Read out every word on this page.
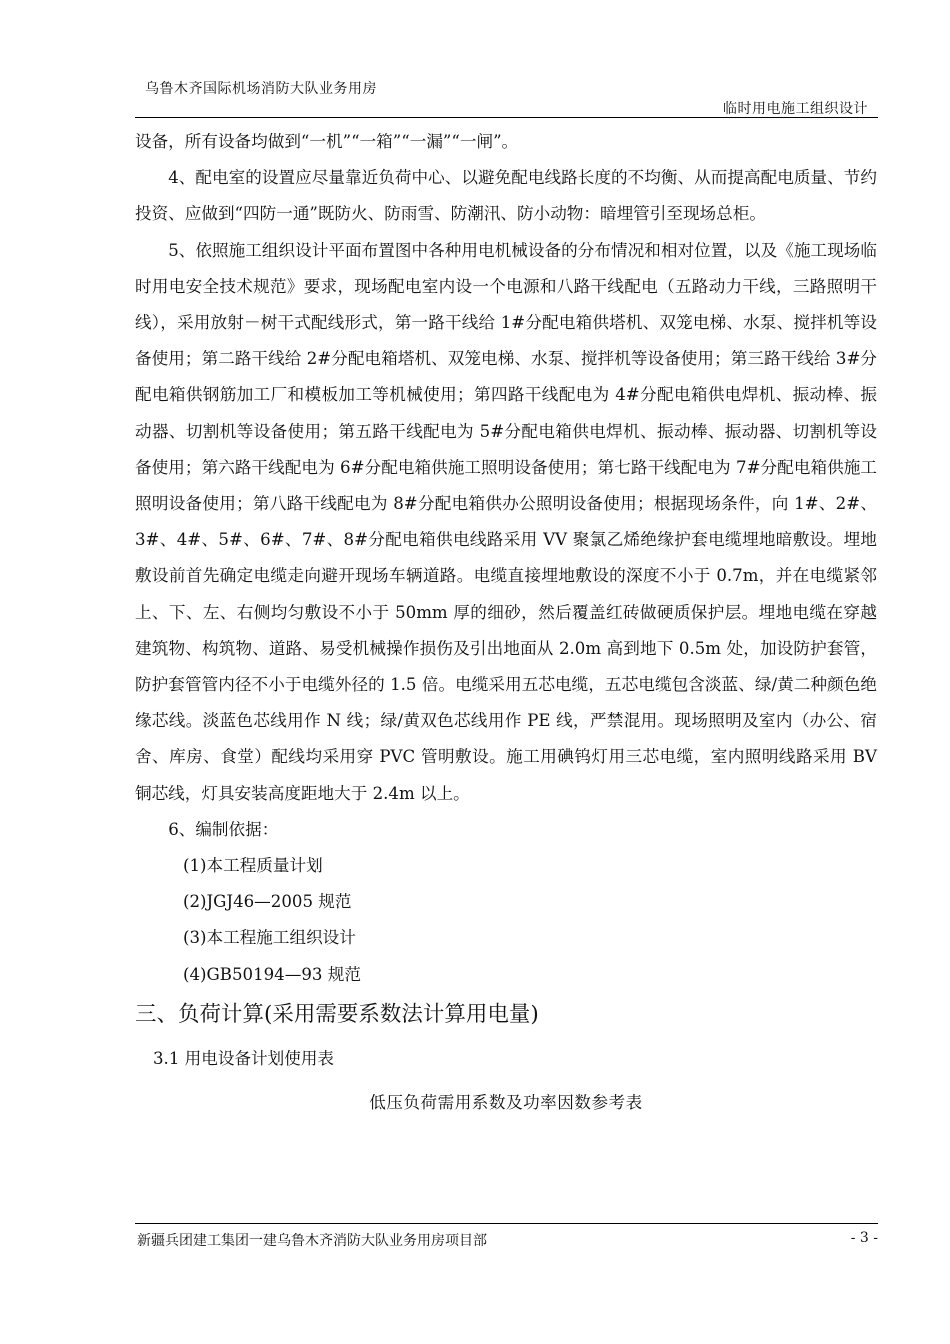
乌鲁木齐国际机场消防大队业务用房
临时用电施工组织设计

设备，所有设备均做到“一机”“一箱”“一漏”“一闸”。

4、配电室的设置应尽量靠近负荷中心、以避免配电线路长度的不均衡、从而提高配电质量、节约投资、应做到“四防一通”既防火、防雨雪、防潮汛、防小动物：暗埋管引至现场总柜。

5、依照施工组织设计平面布置图中各种用电机械设备的分布情况和相对位置，以及《施工现场临时用电安全技术规范》要求，现场配电室内设一个电源和八路干线配电（五路动力干线，三路照明干线），采用放射－树干式配线形式，第一路干线给 1#分配电箱供塔机、双笼电梯、水泵、搅拌机等设备使用；第二路干线给 2#分配电箱塔机、双笼电梯、水泵、搅拌机等设备使用；第三路干线给 3#分配电箱供钢筋加工厂和模板加工等机械使用；第四路干线配电为 4#分配电箱供电焊机、振动棒、振动器、切割机等设备使用；第五路干线配电为 5#分配电箱供电焊机、振动棒、振动器、切割机等设备使用；第六路干线配电为 6#分配电箱供施工照明设备使用；第七路干线配电为 7#分配电箱供施工照明设备使用；第八路干线配电为 8#分配电箱供办公照明设备使用；根据现场条件，向 1#、2#、3#、4#、5#、6#、7#、8#分配电箱供电线路采用 VV 聚氯乙烯绝缘护套电缆埋地暗敷设。埋地敷设前首先确定电缆走向避开现场车辆道路。电缆直接埋地敷设的深度不小于 0.7m，并在电缆紧邻上、下、左、右侧均匀敷设不小于 50mm 厚的细砂，然后覆盖红砖做硬质保护层。埋地电缆在穿越建筑物、构筑物、道路、易受机械操作损伤及引出地面从 2.0m 高到地下 0.5m 处，加设防护套管，防护套管管内径不小于电缆外径的 1.5 倍。电缆采用五芯电缆，五芯电缆包含淡蓝、绿/黄二种颜色绝缘芯线。淡蓝色芯线用作 N 线；绿/黄双色芯线用作 PE 线，严禁混用。现场照明及室内（办公、宿舍、库房、食堂）配线均采用穿 PVC 管明敷设。施工用碘钨灯用三芯电缆，室内照明线路采用 BV 铜芯线，灯具安装高度距地大于 2.4m 以上。

6、编制依据：

(1)本工程质量计划

(2)JGJ46—2005 规范

(3)本工程施工组织设计

(4)GB50194—93 规范

三、负荷计算(采用需要系数法计算用电量)

3.1 用电设备计划使用表

低压负荷需用系数及功率因数参考表

新疆兵团建工集团一建乌鲁木齐消防大队业务用房项目部	- 3 -
